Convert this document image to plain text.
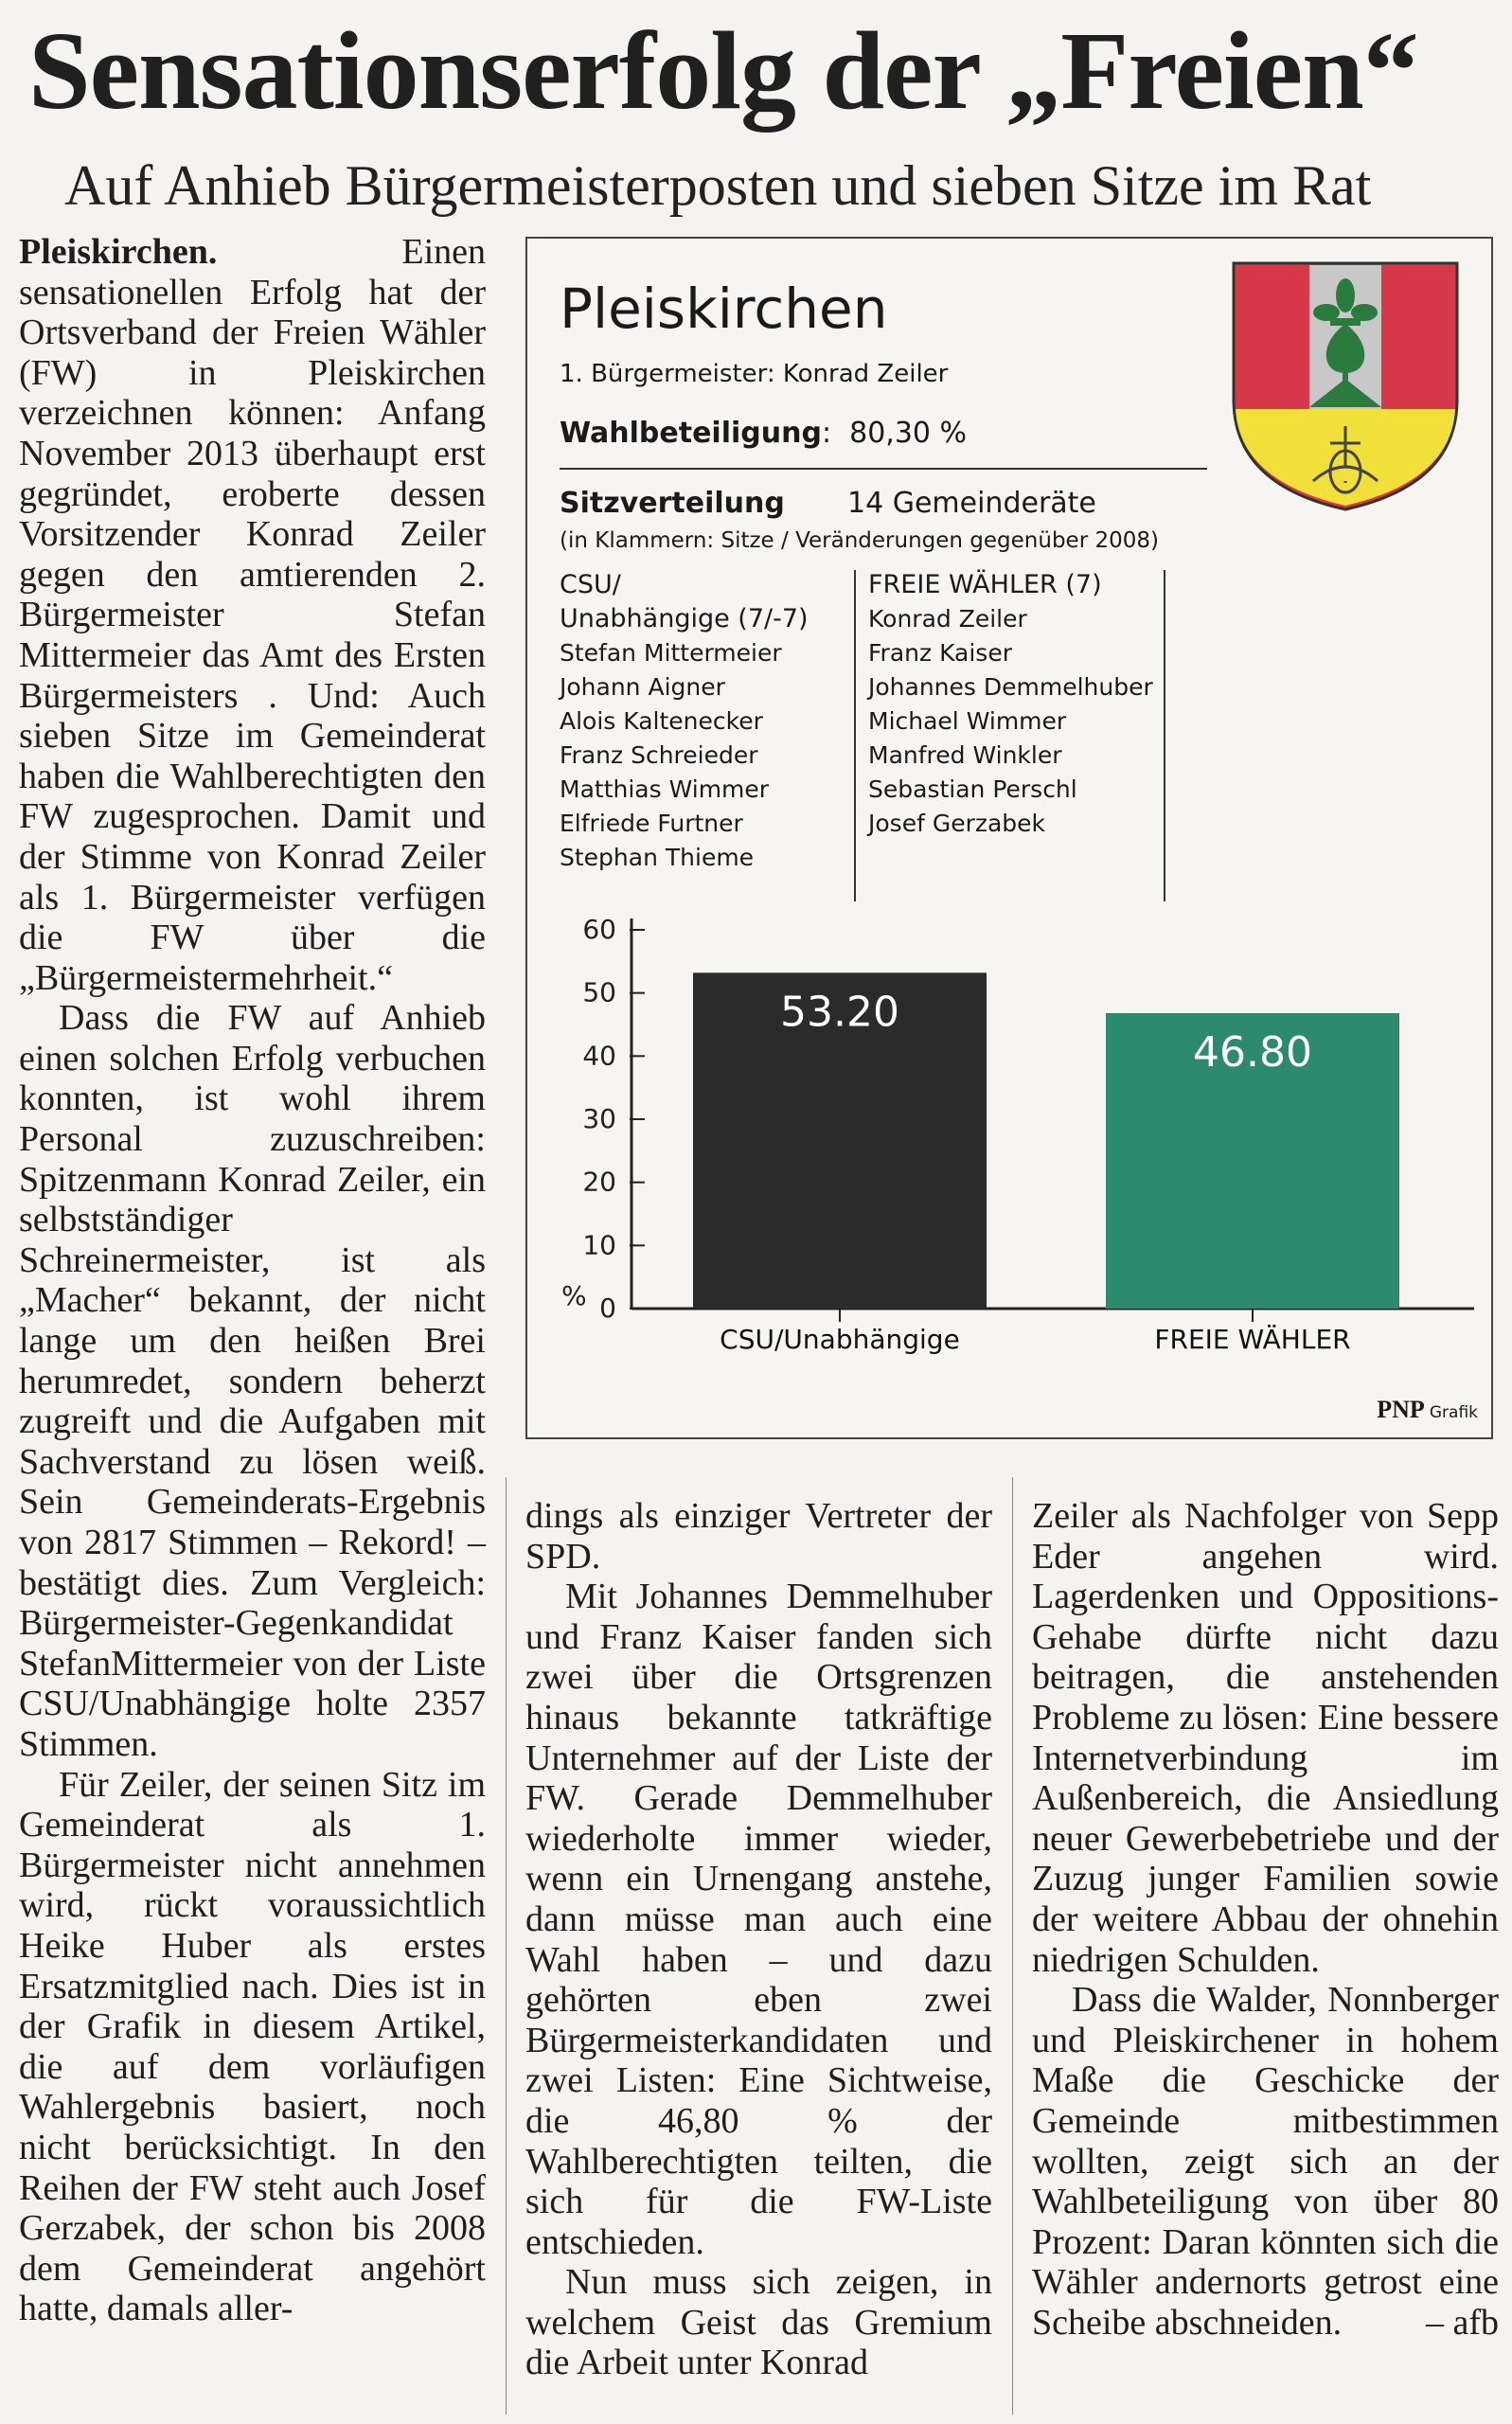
Sensationserfolg der „Freien“
Auf Anhieb Bürgermeisterposten und sieben Sitze im Rat

Pleiskirchen.	Einen sensationellen Erfolg hat der Ortsverband der Freien Wähler (FW) in Pleiskirchen verzeichnen können: Anfang November 2013 überhaupt erst gegründet, eroberte dessen Vorsitzender Konrad Zeiler gegen den amtierenden 2. Bürgermeister Stefan Mittermeier das Amt des Ersten Bürgermeisters . Und: Auch sieben Sitze im Gemeinderat haben die Wahlberechtigten den FW zugesprochen. Damit und der Stimme von Konrad Zeiler als 1. Bürgermeister verfügen die FW über die „Bürgermeistermehrheit.“

Dass die FW auf Anhieb einen solchen Erfolg verbuchen konnten, ist wohl ihrem Personal zuzuschreiben: Spitzenmann Konrad Zeiler, ein selbstständiger Schreinermeister, ist als „Macher“ bekannt, der nicht lange um den heißen Brei herumredet, sondern beherzt zugreift und die Aufgaben mit Sachverstand zu lösen weiß. Sein Gemeinderats-Ergebnis von 2817 Stimmen – Rekord! – bestätigt dies. Zum Vergleich: Bürgermeister-Gegenkandidat StefanMittermeier von der Liste CSU/Unabhängige holte 2357 Stimmen.

Für Zeiler, der seinen Sitz im Gemeinderat als 1. Bürgermeister nicht annehmen wird, rückt voraussichtlich Heike Huber als erstes Ersatzmitglied nach. Dies ist in der Grafik in diesem Artikel, die auf dem vorläufigen Wahlergebnis basiert, noch nicht berücksichtigt. In den Reihen der FW steht auch Josef Gerzabek, der schon bis 2008 dem Gemeinderat angehört hatte, damals aller-

Pleiskirchen
1. Bürgermeister: Konrad Zeiler
Wahlbeteiligung:  80,30 %
Sitzverteilung 14 Gemeinderäte
(in Klammern: Sitze / Veränderungen gegenüber 2008)
CSU/
Unabhängige (7/-7)
Stefan Mittermeier
Johann Aigner
Alois Kaltenecker
Franz Schreieder
Matthias Wimmer
Elfriede Furtner
Stephan Thieme
FREIE WÄHLER (7)
Konrad Zeiler
Franz Kaiser
Johannes Demmelhuber
Michael Wimmer
Manfred Winkler
Sebastian Perschl
Josef Gerzabek
0
10
20
30
40
50
60
%
53.20
CSU/Unabhängige
46.80
FREIE WÄHLER
PNP Grafik

dings als einziger Vertreter der SPD.

Mit Johannes Demmelhuber und Franz Kaiser fanden sich zwei über die Ortsgrenzen hinaus bekannte tatkräftige Unternehmer auf der Liste der FW. Gerade Demmelhuber wiederholte immer wieder, wenn ein Urnengang anstehe, dann müsse man auch eine Wahl haben – und dazu gehörten eben zwei Bürgermeisterkandidaten und zwei Listen: Eine Sichtweise, die 46,80 % der Wahlberechtigten teilten, die sich für die FW-Liste entschieden.

Nun muss sich zeigen, in welchem Geist das Gremium die Arbeit unter Konrad

Zeiler als Nachfolger von Sepp Eder angehen wird. Lagerdenken und Oppositions-Gehabe dürfte nicht dazu beitragen, die anstehenden Probleme zu lösen: Eine bessere Internetverbindung im Außenbereich, die Ansiedlung neuer Gewerbebetriebe und der Zuzug junger Familien sowie der weitere Abbau der ohnehin niedrigen Schulden.

Dass die Walder, Nonnberger und Pleiskirchener in hohem Maße die Geschicke der Gemeinde mitbestimmen wollten, zeigt sich an der Wahlbeteiligung von über 80 Prozent: Daran könnten sich die Wähler andernorts getrost eine Scheibe abschneiden.	– afb
